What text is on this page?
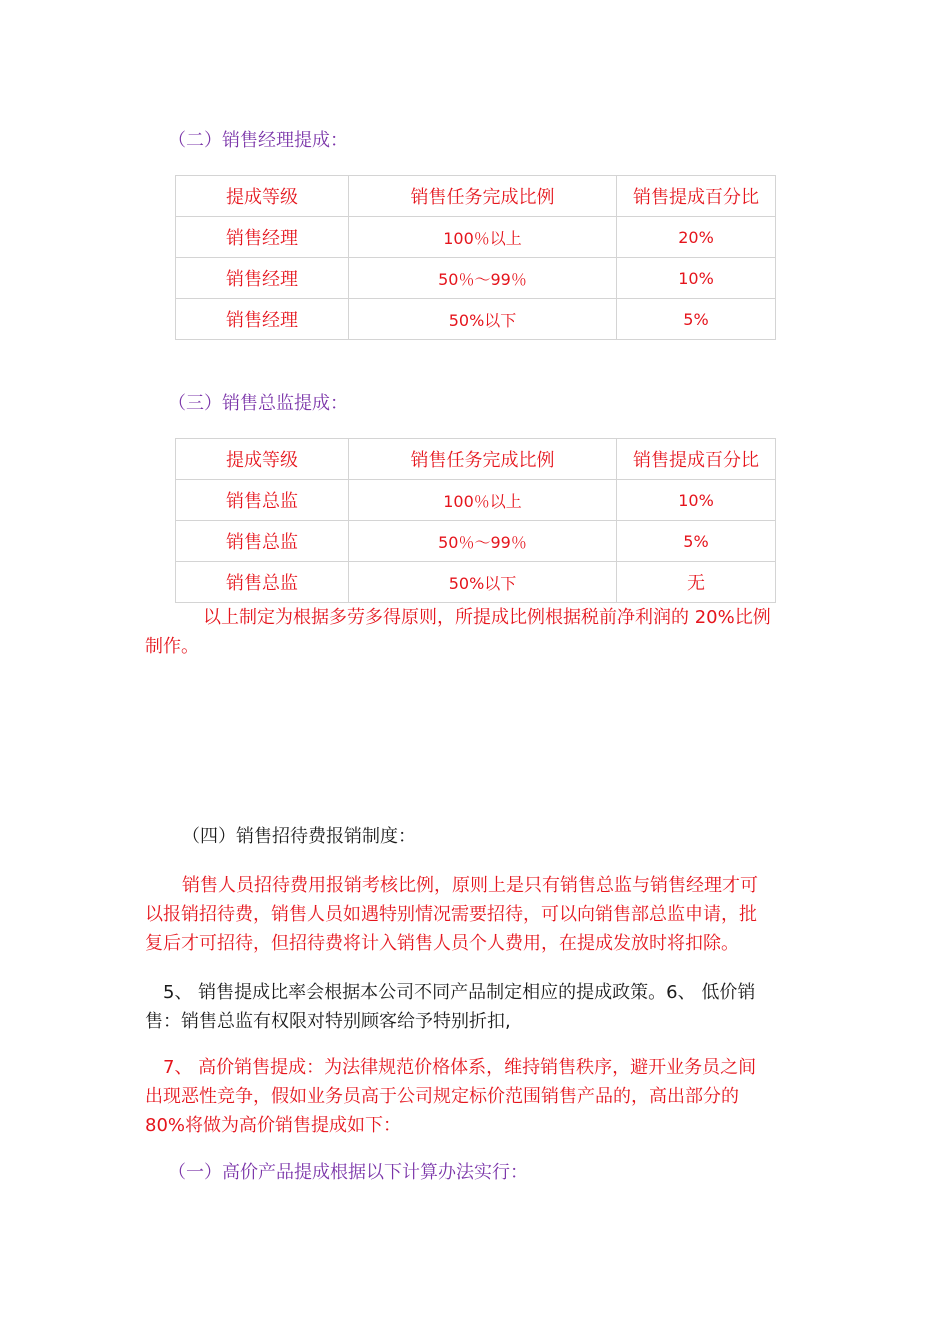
（二）销售经理提成：

提成等级	销售任务完成比例	销售提成百分比
销售经理	100％以上	20%
销售经理	50％～99％	10%
销售经理	50%以下	5%

（三）销售总监提成：

提成等级	销售任务完成比例	销售提成百分比
销售总监	100％以上	10%
销售总监	50％～99％	5%
销售总监	50%以下	无

以上制定为根据多劳多得原则，所提成比例根据税前净利润的 20%比例

制作。

（四）销售招待费报销制度：

销售人员招待费用报销考核比例，原则上是只有销售总监与销售经理才可

以报销招待费，销售人员如遇特别情况需要招待，可以向销售部总监申请，批

复后才可招待，但招待费将计入销售人员个人费用，在提成发放时将扣除。

5、 销售提成比率会根据本公司不同产品制定相应的提成政策。6、 低价销

售：销售总监有权限对特别顾客给予特别折扣,

7、 高价销售提成：为法律规范价格体系，维持销售秩序，避开业务员之间

出现恶性竞争，假如业务员高于公司规定标价范围销售产品的，高出部分的

80%将做为高价销售提成如下：

（一）高价产品提成根据以下计算办法实行：
